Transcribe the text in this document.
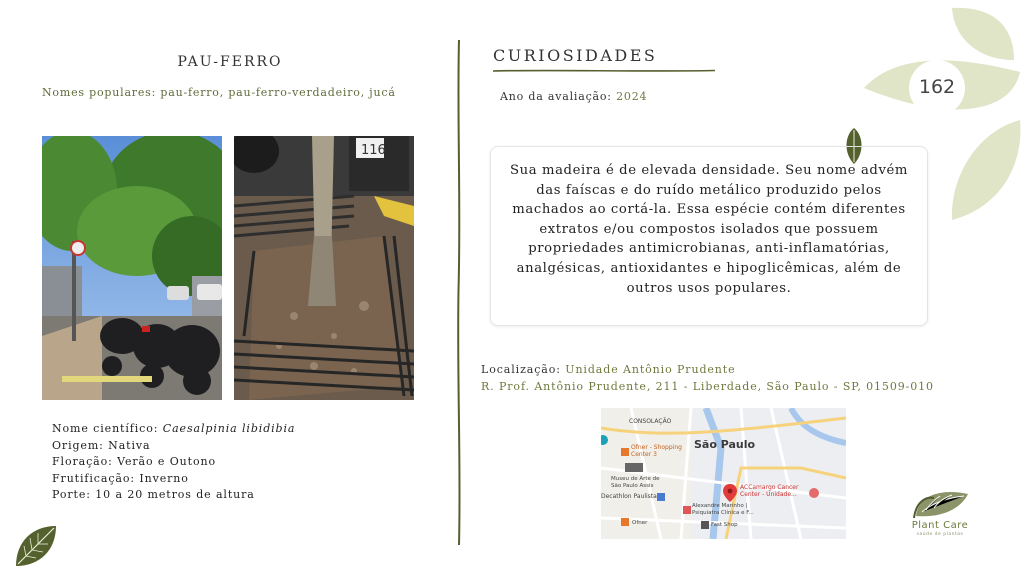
PAU-FERRO
Nomes populares: pau-ferro, pau-ferro-verdadeiro, jucá
116
Nome científico: Caesalpinia libidibia
Origem: Nativa
Floração: Verão e Outono
Frutificação: Inverno
Porte: 10 a 20 metros de altura
CURIOSIDADES
Ano da avaliação: 2024

Sua madeira é de elevada densidade. Seu nome advém das faíscas e do ruído metálico produzido pelos machados ao cortá-la. Essa espécie contém diferentes extratos e/ou compostos isolados que possuem propriedades antimicrobianas, anti-inflamatórias, analgésicas, antioxidantes e hipoglicêmicas, além de outros usos populares.

Localização: Unidade Antônio Prudente
R. Prof. Antônio Prudente, 211 - Liberdade, São Paulo - SP, 01509-010
CONSOLAÇÃO
São Paulo
Ofner - Shopping
Center 3
Museu de Arte de
São Paulo Assis
Decathlon Paulista
ACCamargo Cancer
Center - Unidade...
Alexandre Marinho |
Psiquiatra Clínica e F...
Fast Shop
Ofner
162
Plant Care
saúde de plantas
